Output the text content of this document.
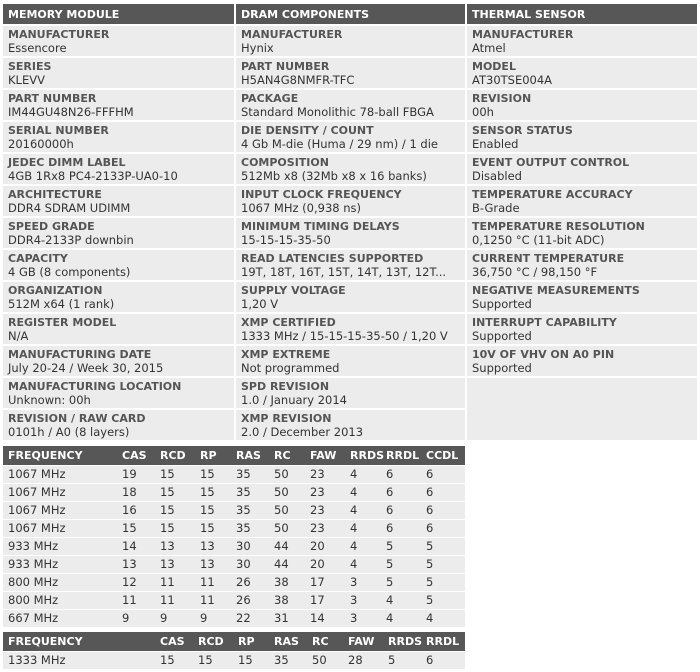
MEMORY MODULE
MANUFACTURER
Essencore
SERIES
KLEVV
PART NUMBER
IM44GU48N26-FFFHM
SERIAL NUMBER
20160000h
JEDEC DIMM LABEL
4GB 1Rx8 PC4-2133P-UA0-10
ARCHITECTURE
DDR4 SDRAM UDIMM
SPEED GRADE
DDR4-2133P downbin
CAPACITY
4 GB (8 components)
ORGANIZATION
512M x64 (1 rank)
REGISTER MODEL
N/A
MANUFACTURING DATE
July 20-24 / Week 30, 2015
MANUFACTURING LOCATION
Unknown: 00h
REVISION / RAW CARD
0101h / A0 (8 layers)
DRAM COMPONENTS
MANUFACTURER
Hynix
PART NUMBER
H5AN4G8NMFR-TFC
PACKAGE
Standard Monolithic 78-ball FBGA
DIE DENSITY / COUNT
4 Gb M-die (Huma / 29 nm) / 1 die
COMPOSITION
512Mb x8 (32Mb x8 x 16 banks)
INPUT CLOCK FREQUENCY
1067 MHz (0,938 ns)
MINIMUM TIMING DELAYS
15-15-15-35-50
READ LATENCIES SUPPORTED
19T, 18T, 16T, 15T, 14T, 13T, 12T...
SUPPLY VOLTAGE
1,20 V
XMP CERTIFIED
1333 MHz / 15-15-15-35-50 / 1,20 V
XMP EXTREME
Not programmed
SPD REVISION
1.0 / January 2014
XMP REVISION
2.0 / December 2013
THERMAL SENSOR
MANUFACTURER
Atmel
MODEL
AT30TSE004A
REVISION
00h
SENSOR STATUS
Enabled
EVENT OUTPUT CONTROL
Disabled
TEMPERATURE ACCURACY
B-Grade
TEMPERATURE RESOLUTION
0,1250 °C (11-bit ADC)
CURRENT TEMPERATURE
36,750 °C / 98,150 °F
NEGATIVE MEASUREMENTS
Supported
INTERRUPT CAPABILITY
Supported
10V OF VHV ON A0 PIN
Supported
FREQUENCY	CAS	RCD	RP	RAS	RC	FAW	RRDS	RRDL	CCDL
1067 MHz	19	15	15	35	50	23	4	6	6
1067 MHz	18	15	15	35	50	23	4	6	6
1067 MHz	16	15	15	35	50	23	4	6	6
1067 MHz	15	15	15	35	50	23	4	6	6
933 MHz	14	13	13	30	44	20	4	5	5
933 MHz	13	13	13	30	44	20	4	5	5
800 MHz	12	11	11	26	38	17	3	5	5
800 MHz	11	11	11	26	38	17	3	4	5
667 MHz	9	9	9	22	31	14	3	4	4
FREQUENCY	CAS	RCD	RP	RAS	RC	FAW	RRDS	RRDL
1333 MHz	15	15	15	35	50	28	5	6
